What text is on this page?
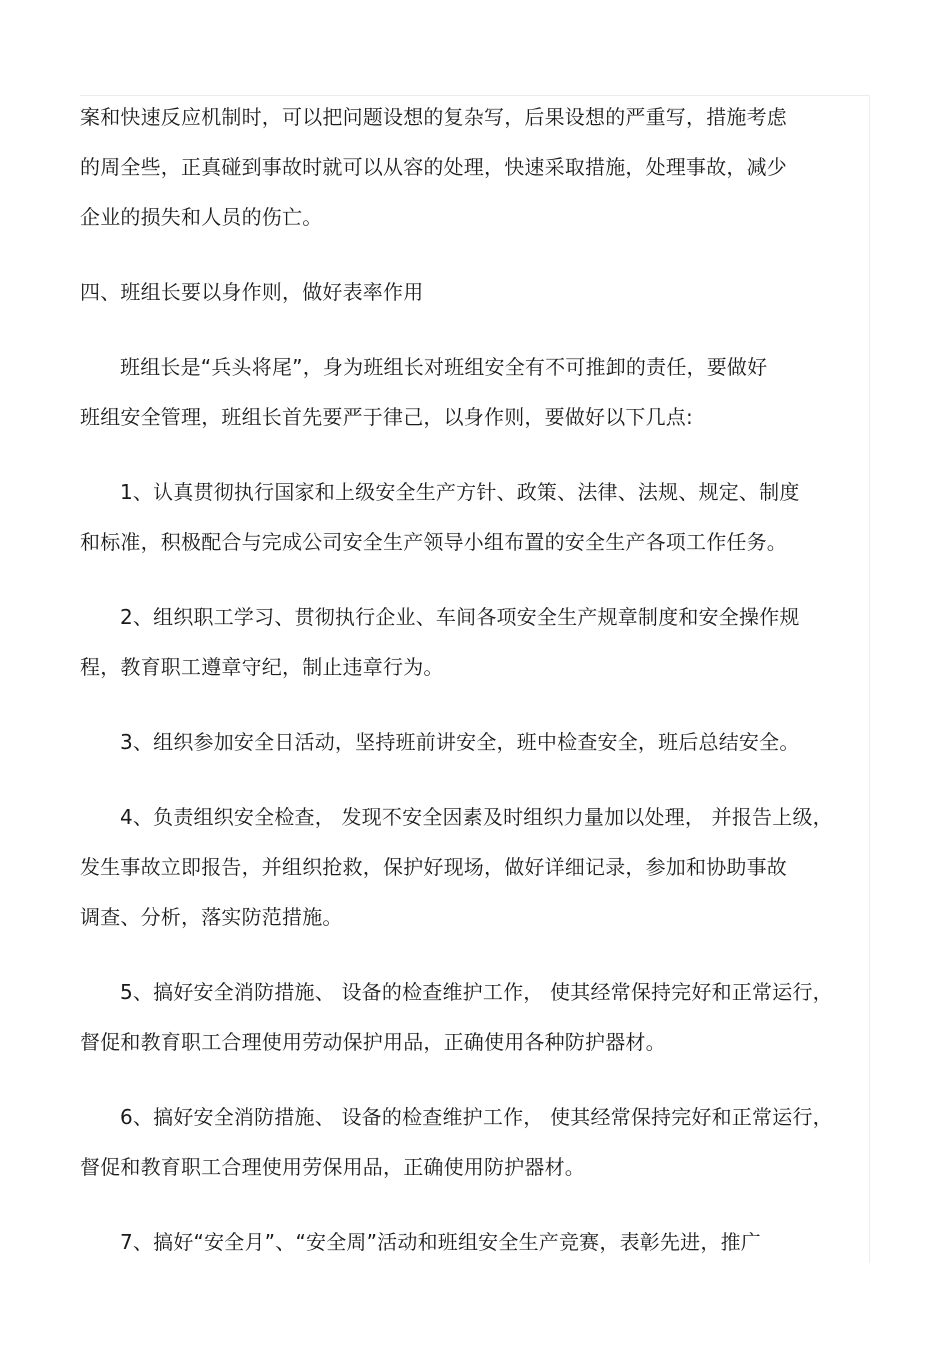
案和快速反应机制时，可以把问题设想的复杂写，后果设想的严重写，措施考虑
的周全些，正真碰到事故时就可以从容的处理，快速采取措施，处理事故，减少
企业的损失和人员的伤亡。
四、班组长要以身作则，做好表率作用
班组长是“兵头将尾”，身为班组长对班组安全有不可推卸的责任，要做好
班组安全管理，班组长首先要严于律己，以身作则，要做好以下几点:
1、认真贯彻执行国家和上级安全生产方针、政策、法律、法规、规定、制度
和标准，积极配合与完成公司安全生产领导小组布置的安全生产各项工作任务。
2、组织职工学习、贯彻执行企业、车间各项安全生产规章制度和安全操作规
程，教育职工遵章守纪，制止违章行为。
3、组织参加安全日活动，坚持班前讲安全，班中检查安全，班后总结安全。
4、负责组织安全检查， 发现不安全因素及时组织力量加以处理， 并报告上级，
发生事故立即报告，并组织抢救，保护好现场，做好详细记录，参加和协助事故
调查、分析，落实防范措施。
5、搞好安全消防措施、 设备的检查维护工作， 使其经常保持完好和正常运行，
督促和教育职工合理使用劳动保护用品，正确使用各种防护器材。
6、搞好安全消防措施、 设备的检查维护工作， 使其经常保持完好和正常运行，
督促和教育职工合理使用劳保用品，正确使用防护器材。
7、搞好“安全月”、“安全周”活动和班组安全生产竞赛，表彰先进，推广
